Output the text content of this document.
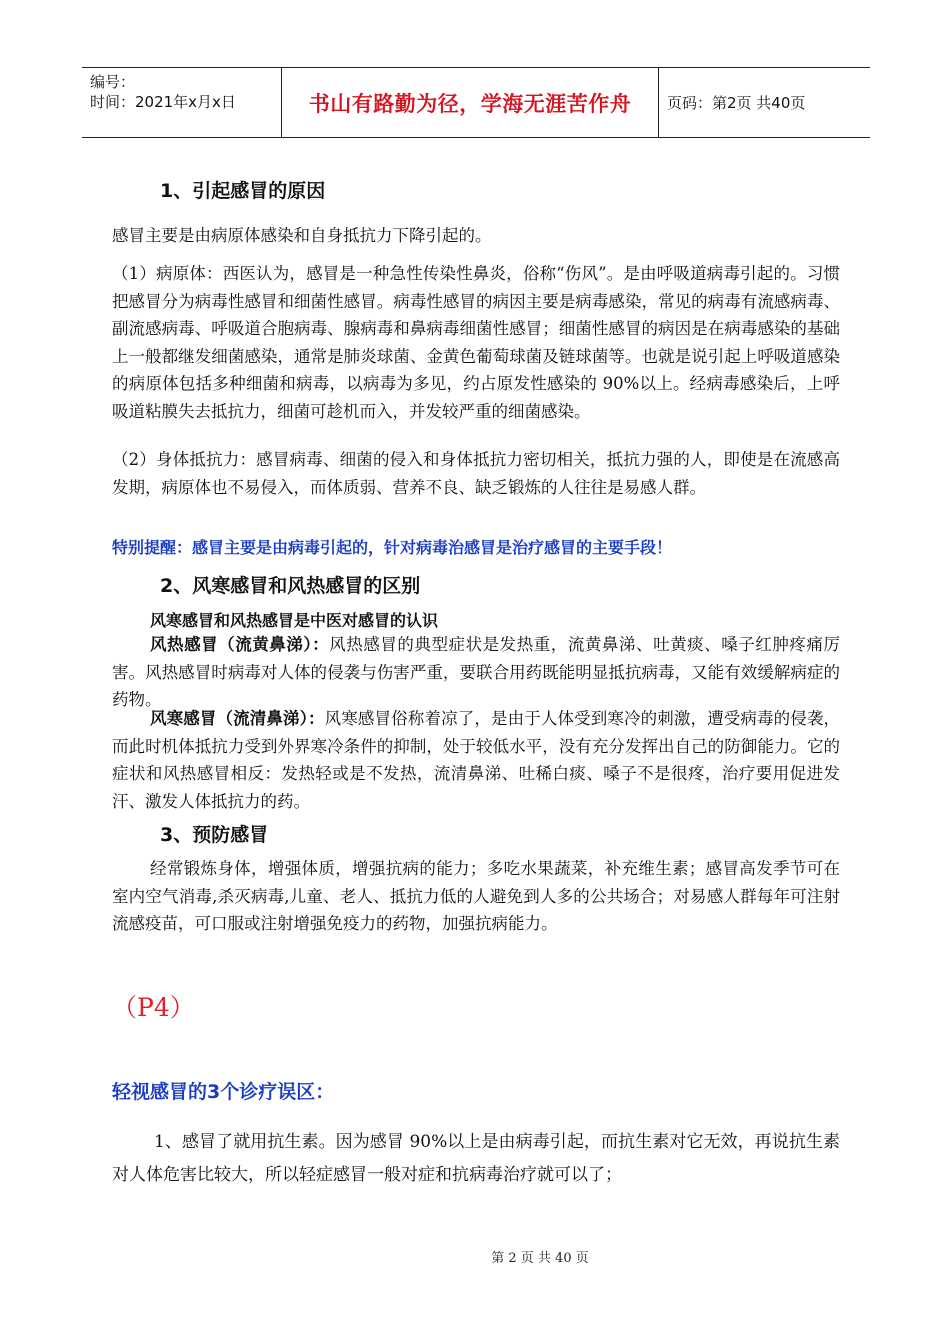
编号：
时间：2021年x月x日	书山有路勤为径，学海无涯苦作舟	页码：第2页 共40页
1、引起感冒的原因

感冒主要是由病原体感染和自身抵抗力下降引起的。

（1）病原体：西医认为，感冒是一种急性传染性鼻炎，俗称“伤风”。是由呼吸道病毒引起的。习惯把感冒分为病毒性感冒和细菌性感冒。病毒性感冒的病因主要是病毒感染，常见的病毒有流感病毒、副流感病毒、呼吸道合胞病毒、腺病毒和鼻病毒细菌性感冒；细菌性感冒的病因是在病毒感染的基础上一般都继发细菌感染，通常是肺炎球菌、金黄色葡萄球菌及链球菌等。也就是说引起上呼吸道感染的病原体包括多种细菌和病毒，以病毒为多见，约占原发性感染的 90%以上。经病毒感染后，上呼吸道粘膜失去抵抗力，细菌可趁机而入，并发较严重的细菌感染。

（2）身体抵抗力：感冒病毒、细菌的侵入和身体抵抗力密切相关，抵抗力强的人，即使是在流感高发期，病原体也不易侵入，而体质弱、营养不良、缺乏锻炼的人往往是易感人群。

特别提醒：感冒主要是由病毒引起的，针对病毒治感冒是治疗感冒的主要手段！

2、风寒感冒和风热感冒的区别

风寒感冒和风热感冒是中医对感冒的认识

风热感冒（流黄鼻涕）：风热感冒的典型症状是发热重，流黄鼻涕、吐黄痰、嗓子红肿疼痛厉害。风热感冒时病毒对人体的侵袭与伤害严重，要联合用药既能明显抵抗病毒，又能有效缓解病症的药物。

风寒感冒（流清鼻涕）：风寒感冒俗称着凉了，是由于人体受到寒冷的刺激，遭受病毒的侵袭，而此时机体抵抗力受到外界寒冷条件的抑制，处于较低水平，没有充分发挥出自己的防御能力。它的症状和风热感冒相反：发热轻或是不发热，流清鼻涕、吐稀白痰、嗓子不是很疼，治疗要用促进发汗、激发人体抵抗力的药。

3、预防感冒

经常锻炼身体，增强体质，增强抗病的能力；多吃水果蔬菜，补充维生素；感冒高发季节可在室内空气消毒,杀灭病毒,儿童、老人、抵抗力低的人避免到人多的公共场合；对易感人群每年可注射流感疫苗，可口服或注射增强免疫力的药物，加强抗病能力。

（P4）
轻视感冒的3个诊疗误区：

1、感冒了就用抗生素。因为感冒 90%以上是由病毒引起，而抗生素对它无效，再说抗生素对人体危害比较大，所以轻症感冒一般对症和抗病毒治疗就可以了；

第 2 页 共 40 页
